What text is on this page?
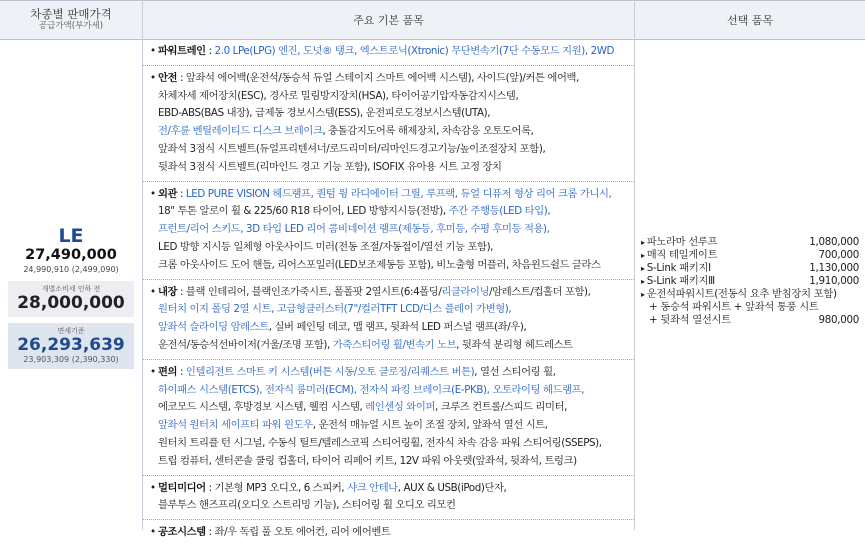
차종별 판매가격
공급가액(부가세)	주요 기본 품목	선택 품목
LE
27,490,000
24,990,910 (2,499,090)
개별소비세 인하 전
28,000,000
면세기준
26,293,639
23,903,309 (2,390,330)
• 파워트레인 : 2.0 LPe(LPG) 엔진, 도넛® 탱크, 엑스트로닉(Xtronic) 무단변속기(7단 수동모드 지원), 2WD
• 안전 : 앞좌석 에어백(운전석/동승석 듀얼 스테이지 스마트 에어백 시스템), 사이드(앞)/커튼 에어백,
차체자세 제어장치(ESC), 경사로 밀림방지장치(HSA), 타이어공기압자동감지시스템,
EBD-ABS(BAS 내장), 급제동 경보시스템(ESS), 운전피로도경보시스템(UTA),
전/후륜 벤틸레이티드 디스크 브레이크, 충돌감지도어록 해제장치, 차속감응 오토도어록,
앞좌석 3점식 시트벨트(듀얼프리텐셔너/로드리미터/리마인드경고기능/높이조절장치 포함),
뒷좌석 3점식 시트벨트(리마인드 경고 기능 포함), ISOFIX 유아용 시트 고정 장치
• 외관 : LED PURE VISION 헤드램프, 퀀텀 윙 라디에이터 그릴, 루프랙, 듀얼 디퓨저 형상 리어 크롬 가니시,
18" 투톤 알로이 휠 & 225/60 R18 타이어, LED 방향지시등(전방), 주간 주행등(LED 타입),
프런트/리어 스키드, 3D 타입 LED 리어 콤비네이션 램프(제동등, 후미등, 수평 후미등 적용),
LED 방향 지시등 일체형 아웃사이드 미러(전동 조절/자동접이/열선 기능 포함),
크롬 아웃사이드 도어 핸들, 리어스포일러(LED보조제동등 포함), 비노출형 머플러, 차음윈드쉴드 글라스
• 내장 : 블랙 인테리어, 블랙인조가죽시트, 폴폴팟 2열시트(6:4폴딩/리클라이닝/암레스트/컵홀더 포함),
원터치 이지 폴딩 2열 시트, 고급형클러스터(7"/컬러TFT LCD/디스 플레이 가변형),
앞좌석 슬라이딩 암레스트, 실버 페인팅 데코, 맵 램프, 뒷좌석 LED 퍼스널 램프(좌/우),
운전석/동승석선바이저(거울/조명 포함), 가죽스티어링 휠/변속기 노브, 뒷좌석 분리형 헤드레스트
• 편의 : 인텔리전트 스마트 키 시스템(버튼 시동/오토 클로징/리퀘스트 버튼), 열선 스티어링 휠,
하이패스 시스템(ETCS), 전자식 룸미러(ECM), 전자식 파킹 브레이크(E-PKB), 오토라이팅 헤드램프,
에코모드 시스템, 후방경보 시스템, 웰컴 시스템, 레인센싱 와이퍼, 크루즈 컨트롤/스피드 리미터,
앞좌석 원터치 세이프티 파워 윈도우, 운전석 매뉴얼 시트 높이 조절 장치, 앞좌석 열선 시트,
원터치 트리플 턴 시그널, 수동식 틸트/텔레스코픽 스티어링휠, 전자식 차속 감응 파워 스티어링(SSEPS),
트립 컴퓨터, 센터콘솔 쿨링 컵홀더, 타이어 리페어 키트, 12V 파워 아웃렛(앞좌석, 뒷좌석, 트렁크)
• 멀티미디어 : 기본형 MP3 오디오, 6 스피커, 샤크 안테나, AUX & USB(iPod)단자,
블루투스 핸즈프리(오디오 스트리밍 기능), 스티어링 휠 오디오 리모컨
• 공조시스템 : 좌/우 독립 풀 오토 에어컨, 리어 에어벤트
▸ 파노라마 선루프	1,080,000
▸ 매직 테일게이트	700,000
▸ S-Link 패키지Ⅰ	1,130,000
▸ S-Link 패키지Ⅲ	1,910,000
▸ 운전석파워시트(전동식 요추 받침장치 포함)
+ 동승석 파워시트 + 앞좌석 통풍 시트
+ 뒷좌석 열선시트	980,000
